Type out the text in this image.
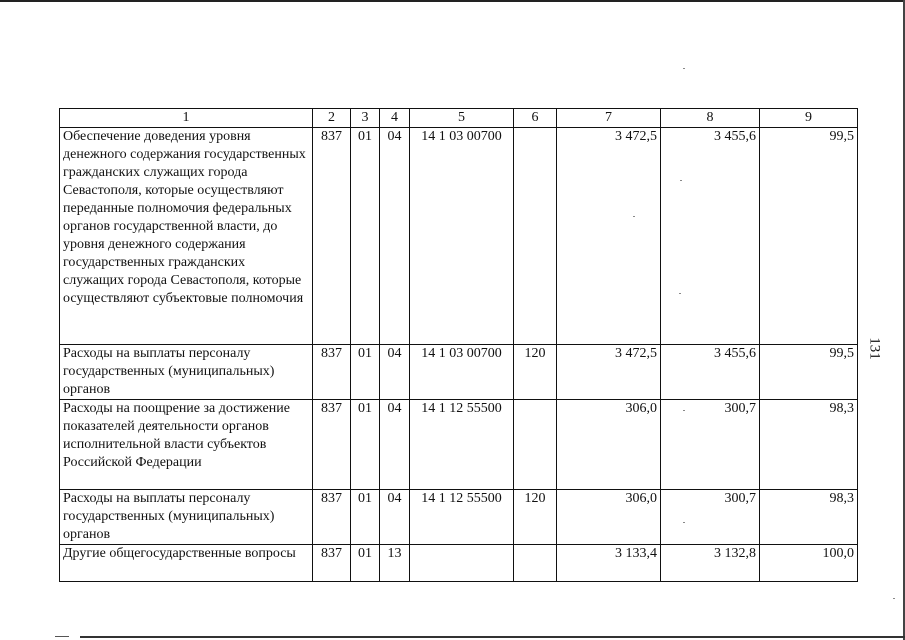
131
1	2	3	4	5	6	7	8	9
Обеспечение доведения уровня денежного содержания государственных гражданских служащих города Севастополя, которые осуществляют переданные полномочия федеральных органов государственной власти, до уровня денежного содержания государственных гражданских служащих города Севастополя, которые осуществляют субъектовые полномочия	837	01	04	14 1 03 00700		3 472,5	3 455,6	99,5
Расходы на выплаты персоналу государственных (муниципальных) органов	837	01	04	14 1 03 00700	120	3 472,5	3 455,6	99,5
Расходы на поощрение за достижение показателей деятельности органов исполнительной власти субъектов Российской Федерации	837	01	04	14 1 12 55500		306,0	300,7	98,3
Расходы на выплаты персоналу государственных (муниципальных) органов	837	01	04	14 1 12 55500	120	306,0	300,7	98,3
Другие общегосударственные вопросы	837	01	13			3 133,4	3 132,8	100,0
